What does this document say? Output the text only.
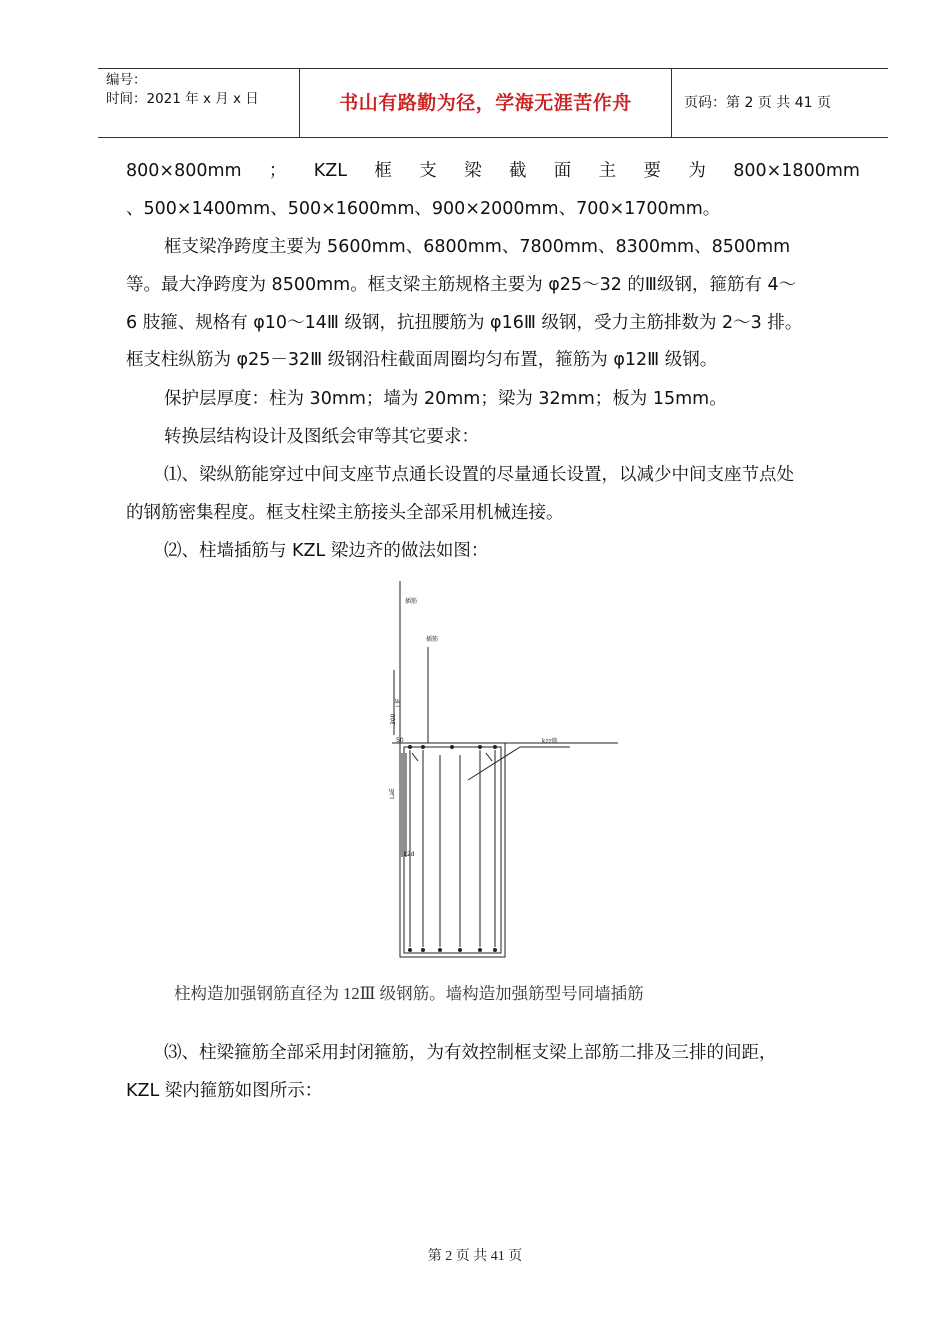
编号：
时间：2021 年 x 月 x 日	书山有路勤为径，学海无涯苦作舟	页码：第 2 页 共 41 页
800×800mm ； KZL 框 支 梁 截 面 主 要 为 800×1800mm
、500×1400mm、500×1600mm、900×2000mm、700×1700mm。
框支梁净跨度主要为 5600mm、6800mm、7800mm、8300mm、8500mm
等。最大净跨度为 8500mm。框支梁主筋规格主要为 φ25～32 的Ⅲ级钢，箍筋有 4～
6 肢箍、规格有 φ10～14Ⅲ 级钢，抗扭腰筋为 φ16Ⅲ 级钢，受力主筋排数为 2～3 排。
框支柱纵筋为 φ25－32Ⅲ 级钢沿柱截面周圈均匀布置，箍筋为 φ12Ⅲ 级钢。
保护层厚度：柱为 30mm；墙为 20mm；梁为 32mm；板为 15mm。
转换层结构设计及图纸会审等其它要求：
⑴、梁纵筋能穿过中间支座节点通长设置的尽量通长设置，以减少中间支座节点处
的钢筋密集程度。框支柱梁主筋接头全部采用机械连接。
⑵、柱墙插筋与 KZL 梁边齐的做法如图：
⑶、柱梁箍筋全部采用封闭箍筋，为有效控制框支梁上部筋二排及三排的间距，
KZL 梁内箍筋如图所示：
插筋
插筋
kzz筋
300
50
LlE
LaE
12d
柱构造加强钢筋直径为 12Ⅲ 级钢筋。墙构造加强筋型号同墙插筋
第 2 页 共 41 页
